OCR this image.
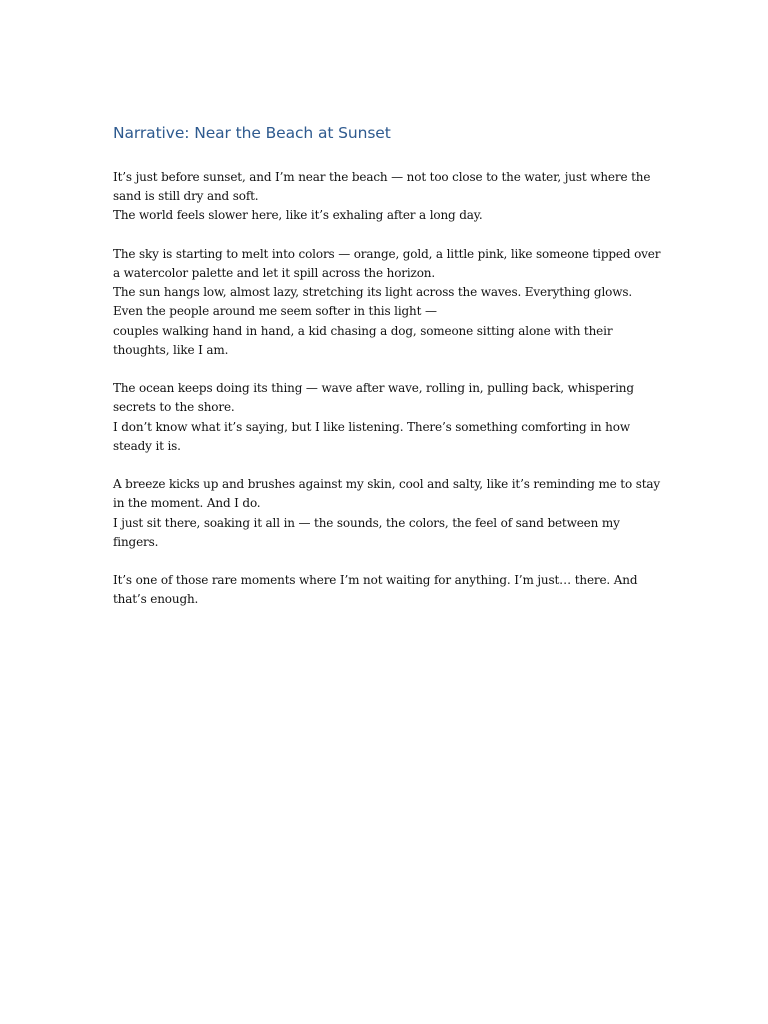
Narrative: Near the Beach at Sunset
It’s just before sunset, and I’m near the beach — not too close to the water, just where the sand is still dry and soft.
The world feels slower here, like it’s exhaling after a long day.
The sky is starting to melt into colors — orange, gold, a little pink, like someone tipped over a watercolor palette and let it spill across the horizon.
The sun hangs low, almost lazy, stretching its light across the waves. Everything glows. Even the people around me seem softer in this light —
couples walking hand in hand, a kid chasing a dog, someone sitting alone with their thoughts, like I am.
The ocean keeps doing its thing — wave after wave, rolling in, pulling back, whispering secrets to the shore.
I don’t know what it’s saying, but I like listening. There’s something comforting in how steady it is.
A breeze kicks up and brushes against my skin, cool and salty, like it’s reminding me to stay in the moment. And I do.
I just sit there, soaking it all in — the sounds, the colors, the feel of sand between my fingers.
It’s one of those rare moments where I’m not waiting for anything. I’m just… there. And that’s enough.
